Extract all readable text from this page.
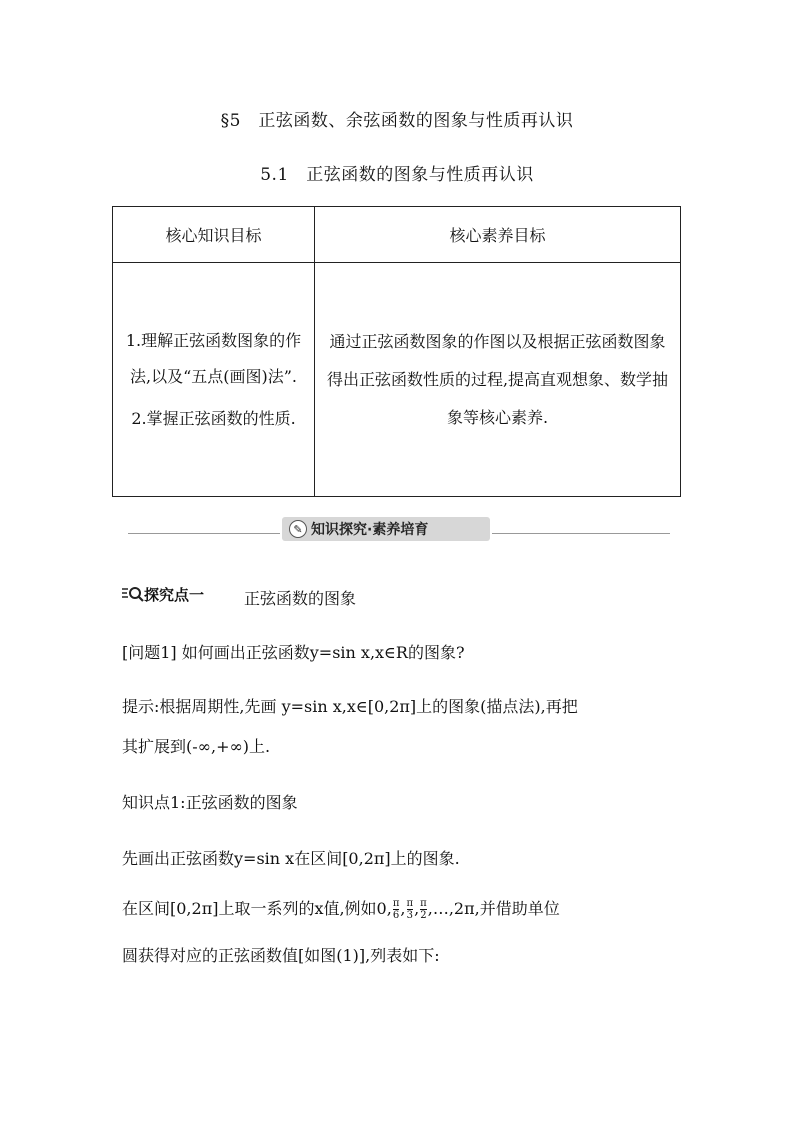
§5　正弦函数、余弦函数的图象与性质再认识
5.1　正弦函数的图象与性质再认识
核心知识目标	核心素养目标

1.理解正弦函数图象的作法,以及“五点(画图)法”.
2.掌握正弦函数的性质.	通过正弦函数图象的作图以及根据正弦函数图象得出正弦函数性质的过程,提高直观想象、数学抽象等核心素养.
✎ 知识探究·素养培育
探究点一 正弦函数的图象
[问题1] 如何画出正弦函数y=sin x,x∈R的图象?
提示:根据周期性,先画 y=sin x,x∈[0,2π]上的图象(描点法),再把
其扩展到(-∞,+∞)上.
知识点1:正弦函数的图象
先画出正弦函数y=sin x在区间[0,2π]上的图象.
在区间[0,2π]上取一系列的x值,例如0, $\frac{\pi}{6}$ , $\frac{\pi}{3}$ , $\frac{\pi}{2}$ ,…,2π,并借助单位
圆获得对应的正弦函数值[如图(1)],列表如下:
